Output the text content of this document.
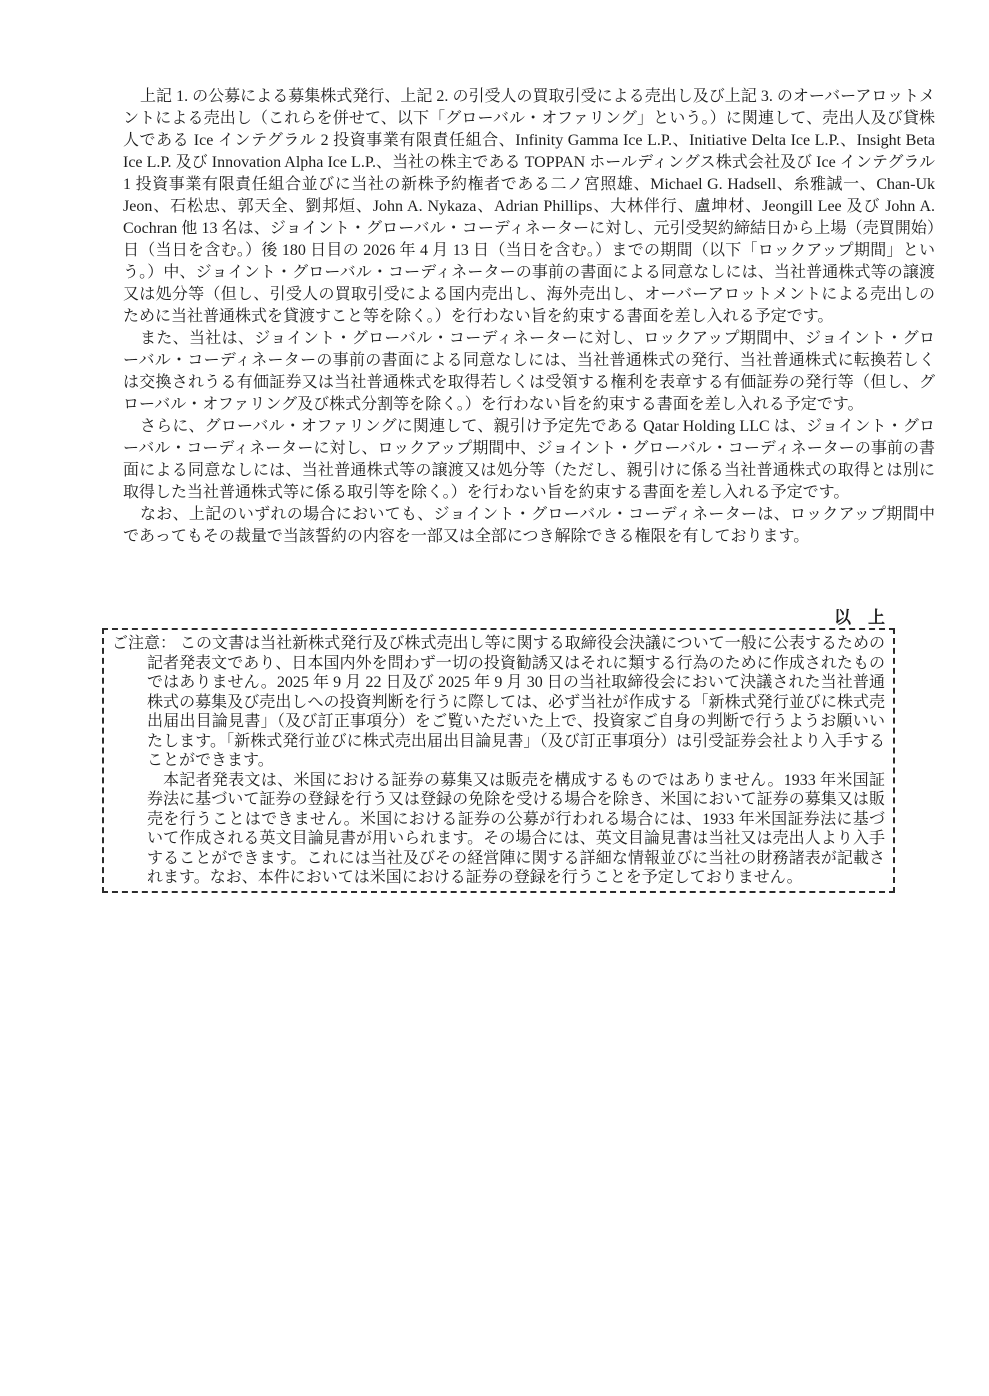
上記 1. の公募による募集株式発行、上記 2. の引受人の買取引受による売出し及び上記 3. のオーバーアロットメントによる売出し（これらを併せて、以下「グローバル・オファリング」という。）に関連して、売出人及び貸株人である Ice インテグラル 2 投資事業有限責任組合、Infinity Gamma Ice L.P.、Initiative Delta Ice L.P.、Insight Beta Ice L.P. 及び Innovation Alpha Ice L.P.、当社の株主である TOPPAN ホールディングス株式会社及び Ice インテグラル 1 投資事業有限責任組合並びに当社の新株予約権者である二ノ宮照雄、Michael G. Hadsell、糸雅誠一、Chan-Uk Jeon、石松忠、郭天全、劉邦烜、John A. Nykaza、Adrian Phillips、大林伴行、盧坤材、Jeongill Lee 及び John A. Cochran 他 13 名は、ジョイント・グローバル・コーディネーターに対し、元引受契約締結日から上場（売買開始）日（当日を含む。）後 180 日目の 2026 年 4 月 13 日（当日を含む。）までの期間（以下「ロックアップ期間」という。）中、ジョイント・グローバル・コーディネーターの事前の書面による同意なしには、当社普通株式等の譲渡又は処分等（但し、引受人の買取引受による国内売出し、海外売出し、オーバーアロットメントによる売出しのために当社普通株式を貸渡すこと等を除く。）を行わない旨を約束する書面を差し入れる予定です。

また、当社は、ジョイント・グローバル・コーディネーターに対し、ロックアップ期間中、ジョイント・グローバル・コーディネーターの事前の書面による同意なしには、当社普通株式の発行、当社普通株式に転換若しくは交換されうる有価証券又は当社普通株式を取得若しくは受領する権利を表章する有価証券の発行等（但し、グローバル・オファリング及び株式分割等を除く。）を行わない旨を約束する書面を差し入れる予定です。

さらに、グローバル・オファリングに関連して、親引け予定先である Qatar Holding LLC は、ジョイント・グローバル・コーディネーターに対し、ロックアップ期間中、ジョイント・グローバル・コーディネーターの事前の書面による同意なしには、当社普通株式等の譲渡又は処分等（ただし、親引けに係る当社普通株式の取得とは別に取得した当社普通株式等に係る取引等を除く。）を行わない旨を約束する書面を差し入れる予定です。

なお、上記のいずれの場合においても、ジョイント・グローバル・コーディネーターは、ロックアップ期間中であってもその裁量で当該誓約の内容を一部又は全部につき解除できる権限を有しております。

以　上
ご注意： この文書は当社新株式発行及び株式売出し等に関する取締役会決議について一般に公表するための記者発表文であり、日本国内外を問わず一切の投資勧誘又はそれに類する行為のために作成されたものではありません。2025 年 9 月 22 日及び 2025 年 9 月 30 日の当社取締役会において決議された当社普通株式の募集及び売出しへの投資判断を行うに際しては、必ず当社が作成する「新株式発行並びに株式売出届出目論見書」（及び訂正事項分）をご覧いただいた上で、投資家ご自身の判断で行うようお願いいたします。「新株式発行並びに株式売出届出目論見書」（及び訂正事項分）は引受証券会社より入手することができます。

本記者発表文は、米国における証券の募集又は販売を構成するものではありません。1933 年米国証券法に基づいて証券の登録を行う又は登録の免除を受ける場合を除き、米国において証券の募集又は販売を行うことはできません。米国における証券の公募が行われる場合には、1933 年米国証券法に基づいて作成される英文目論見書が用いられます。その場合には、英文目論見書は当社又は売出人より入手することができます。これには当社及びその経営陣に関する詳細な情報並びに当社の財務諸表が記載されます。なお、本件においては米国における証券の登録を行うことを予定しておりません。
